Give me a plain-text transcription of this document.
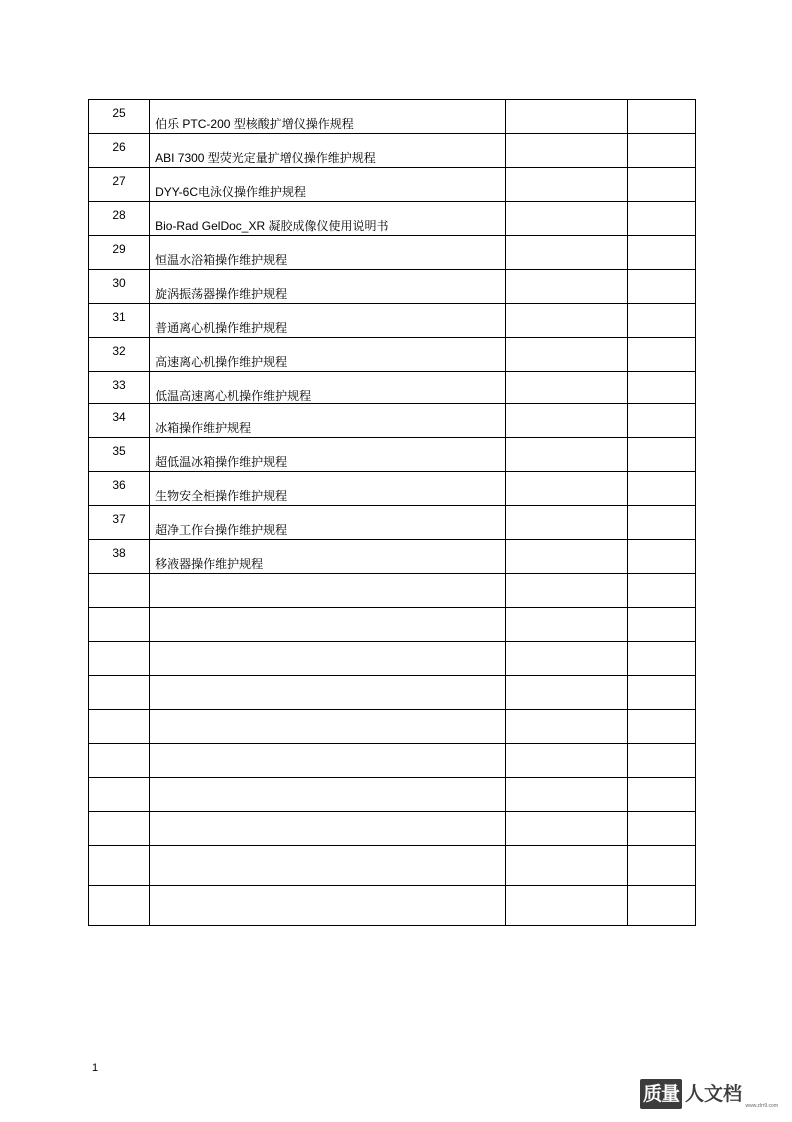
25	伯乐 PTC-200 型核酸扩增仪操作规程		

26	ABI 7300 型荧光定量扩增仪操作维护规程		

27	DYY-6C电泳仪操作维护规程		

28	Bio-Rad GelDoc_XR 凝胶成像仪使用说明书		

29	恒温水浴箱操作维护规程		

30	旋涡振荡器操作维护规程		

31	普通离心机操作维护规程		

32	高速离心机操作维护规程		

33	低温高速离心机操作维护规程		

34	冰箱操作维护规程		

35	超低温冰箱操作维护规程		

36	生物安全柜操作维护规程		

37	超净工作台操作维护规程		

38	移液器操作维护规程		

1
质量 人文档
www.zlrr9.com
